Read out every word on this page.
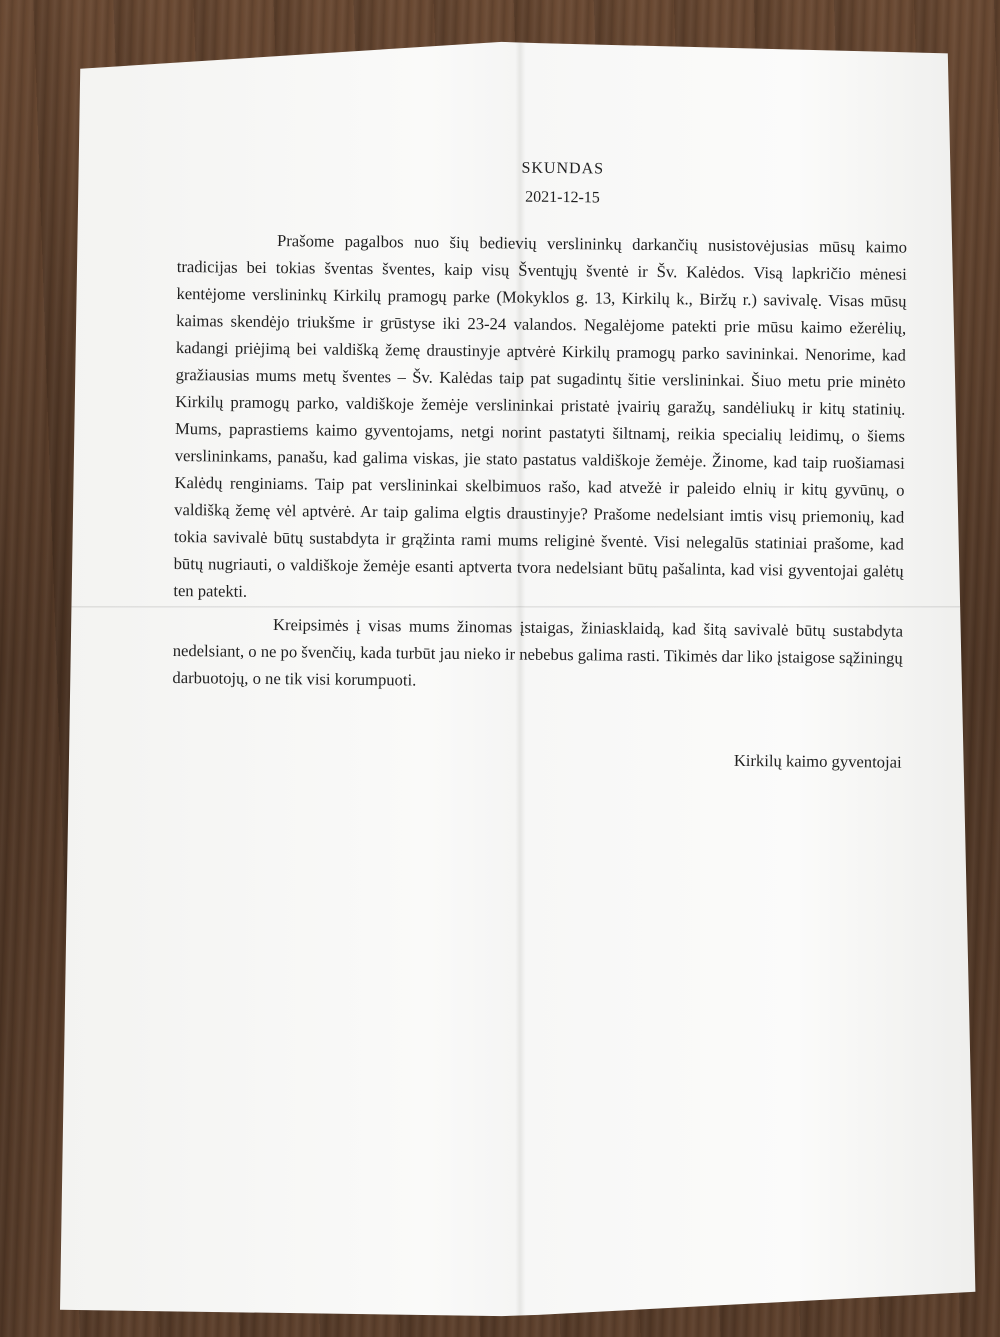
SKUNDAS
2021-12-15

Prašome pagalbos nuo šių bedievių verslininkų darkančių nusistovėjusias mūsų kaimo tradicijas bei tokias šventas šventes, kaip visų Šventųjų šventė ir Šv. Kalėdos. Visą lapkričio mėnesi kentėjome verslininkų Kirkilų pramogų parke (Mokyklos g. 13, Kirkilų k., Biržų r.) savivalę. Visas mūsų kaimas skendėjo triukšme ir grūstyse iki 23-24 valandos. Negalėjome patekti prie mūsu kaimo ežerėlių, kadangi priėjimą bei valdišką žemę draustinyje aptvėrė Kirkilų pramogų parko savininkai. Nenorime, kad gražiausias mums metų šventes – Šv. Kalėdas taip pat sugadintų šitie verslininkai. Šiuo metu prie minėto Kirkilų pramogų parko, valdiškoje žemėje verslininkai pristatė įvairių garažų, sandėliukų ir kitų statinių. Mums, paprastiems kaimo gyventojams, netgi norint pastatyti šiltnamį, reikia specialių leidimų, o šiems verslininkams, panašu, kad galima viskas, jie stato pastatus valdiškoje žemėje. Žinome, kad taip ruošiamasi Kalėdų renginiams. Taip pat verslininkai skelbimuos rašo, kad atvežė ir paleido elnių ir kitų gyvūnų, o valdišką žemę vėl aptvėrė. Ar taip galima elgtis draustinyje? Prašome nedelsiant imtis visų priemonių, kad tokia savivalė būtų sustabdyta ir grąžinta rami mums religinė šventė. Visi nelegalūs statiniai prašome, kad būtų nugriauti, o valdiškoje žemėje esanti aptverta tvora nedelsiant būtų pašalinta, kad visi gyventojai galėtų ten patekti.

Kreipsimės į visas mums žinomas įstaigas, žiniasklaidą, kad šitą savivalė būtų sustabdyta nedelsiant, o ne po švenčių, kada turbūt jau nieko ir nebebus galima rasti. Tikimės dar liko įstaigose sąžiningų darbuotojų, o ne tik visi korumpuoti.

Kirkilų kaimo gyventojai
